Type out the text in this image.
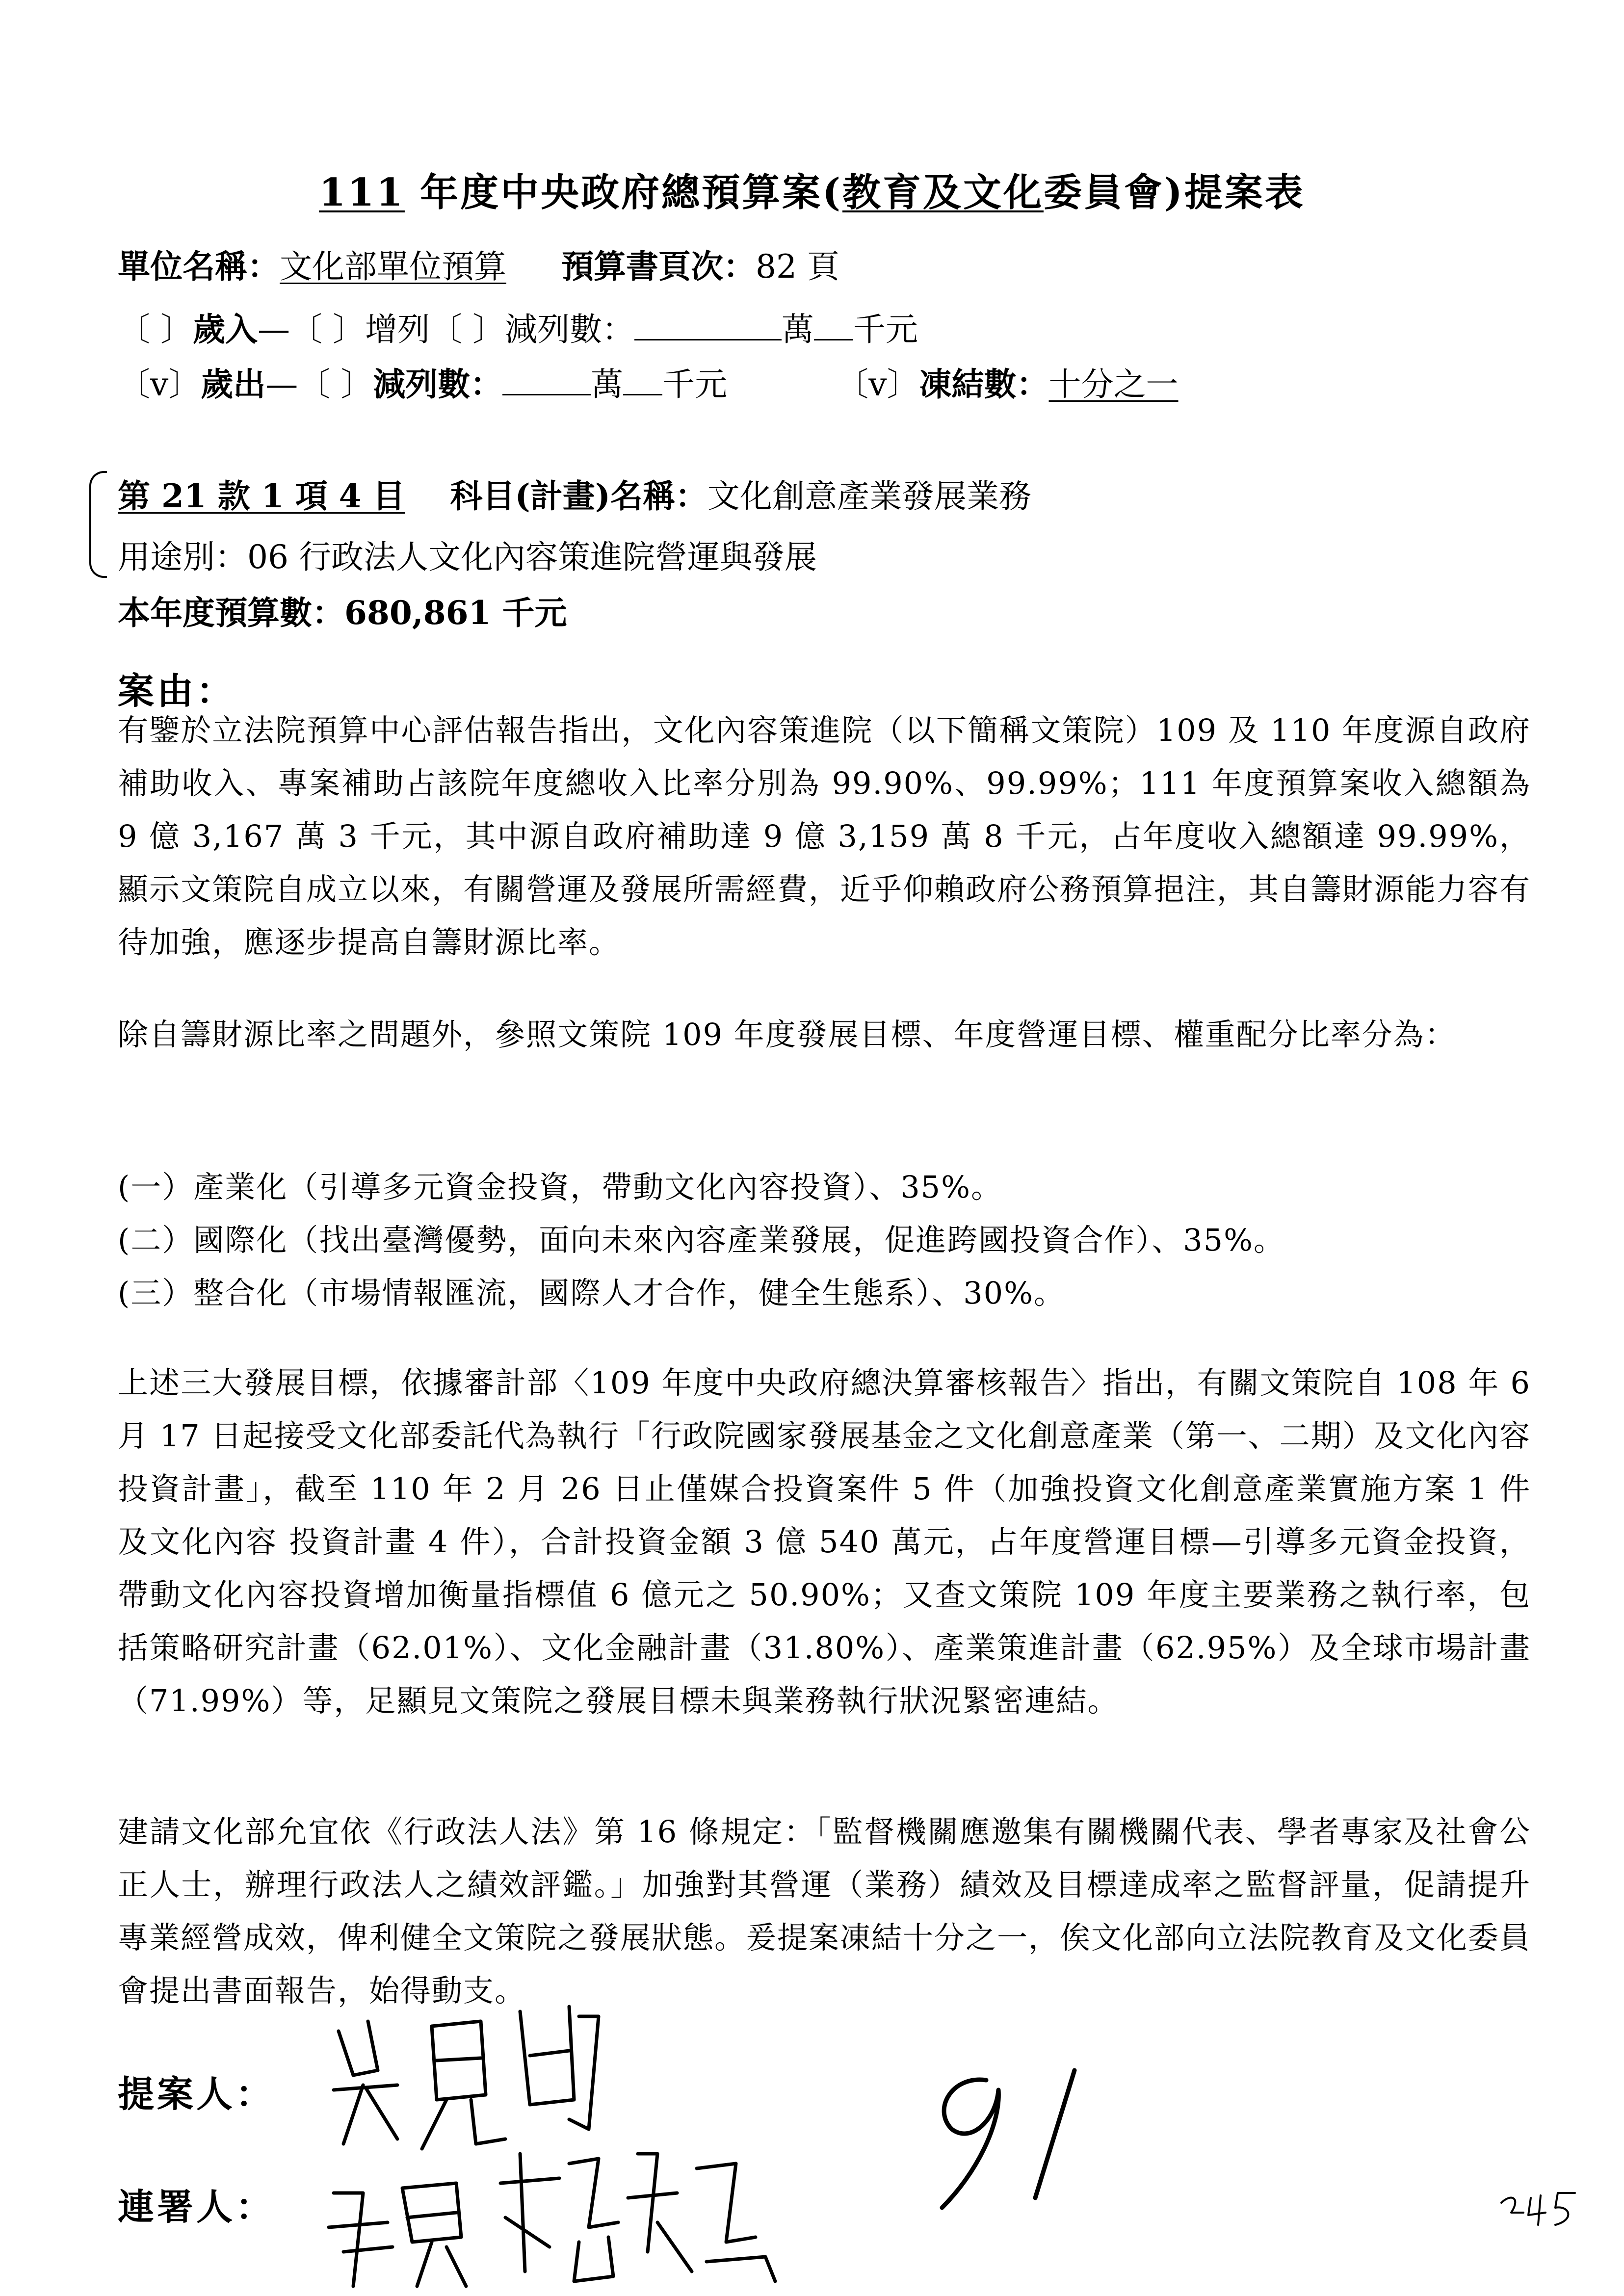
111 年度中央政府總預算案(教育及文化委員會)提案表
單位名稱：文化部單位預算 預算書頁次：82 頁
〔 〕歲入—〔 〕增列〔 〕減列數：	萬 千元
〔v〕歲出—〔 〕減列數：	萬 千元	〔v〕凍結數：十分之一
第 21 款 1 項 4 目 科目(計畫)名稱：文化創意產業發展業務
用途別：06 行政法人文化內容策進院營運與發展
本年度預算數：680,861 千元
案由：
有鑒於立法院預算中心評估報告指出，文化內容策進院（以下簡稱文策院）109 及 110 年度源自政府補助收入、專案補助占該院年度總收入比率分別為 99.90%、99.99%；111 年度預算案收入總額為 9 億 3,167 萬 3 千元，其中源自政府補助達 9 億 3,159 萬 8 千元，占年度收入總額達 99.99%，顯示文策院自成立以來，有關營運及發展所需經費，近乎仰賴政府公務預算挹注，其自籌財源能力容有待加強，應逐步提高自籌財源比率。
除自籌財源比率之問題外，參照文策院 109 年度發展目標、年度營運目標、權重配分比率分為：
(一）產業化（引導多元資金投資，帶動文化內容投資）、35%。
(二）國際化（找出臺灣優勢，面向未來內容產業發展，促進跨國投資合作）、35%。
(三）整合化（市場情報匯流，國際人才合作，健全生態系）、30%。
上述三大發展目標，依據審計部〈109 年度中央政府總決算審核報告〉指出，有關文策院自 108 年 6 月 17 日起接受文化部委託代為執行「行政院國家發展基金之文化創意產業（第一、二期）及文化內容投資計畫」，截至 110 年 2 月 26 日止僅媒合投資案件 5 件（加強投資文化創意產業實施方案 1 件及文化內容 投資計畫 4 件），合計投資金額 3 億 540 萬元，占年度營運目標—引導多元資金投資，帶動文化內容投資增加衡量指標值 6 億元之 50.90%；又查文策院 109 年度主要業務之執行率，包括策略研究計畫（62.01%）、文化金融計畫（31.80%）、產業策進計畫（62.95%）及全球市場計畫（71.99%）等，足顯見文策院之發展目標未與業務執行狀況緊密連結。
建請文化部允宜依《行政法人法》第 16 條規定：「監督機關應邀集有關機關代表、學者專家及社會公正人士，辦理行政法人之績效評鑑。」加強對其營運（業務）績效及目標達成率之監督評量，促請提升專業經營成效，俾利健全文策院之發展狀態。爰提案凍結十分之一，俟文化部向立法院教育及文化委員會提出書面報告，始得動支。
提案人：
連署人：
